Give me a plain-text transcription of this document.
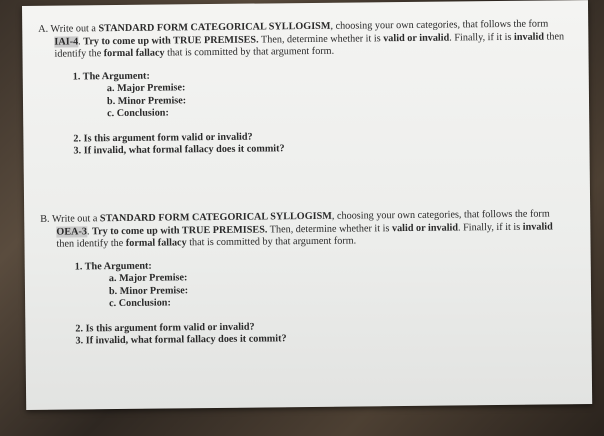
A. Write out a STANDARD FORM CATEGORICAL SYLLOGISM, choosing your own categories, that follows the form IAI-4. Try to come up with TRUE PREMISES. Then, determine whether it is valid or invalid. Finally, if it is invalid then identify the formal fallacy that is committed by that argument form.

1. The Argument:
a. Major Premise:
b. Minor Premise:
c. Conclusion:
2. Is this argument form valid or invalid?
3. If invalid, what formal fallacy does it commit?

B. Write out a STANDARD FORM CATEGORICAL SYLLOGISM, choosing your own categories, that follows the form OEA-3. Try to come up with TRUE PREMISES. Then, determine whether it is valid or invalid. Finally, if it is invalid then identify the formal fallacy that is committed by that argument form.

1. The Argument:
a. Major Premise:
b. Minor Premise:
c. Conclusion:
2. Is this argument form valid or invalid?
3. If invalid, what formal fallacy does it commit?
